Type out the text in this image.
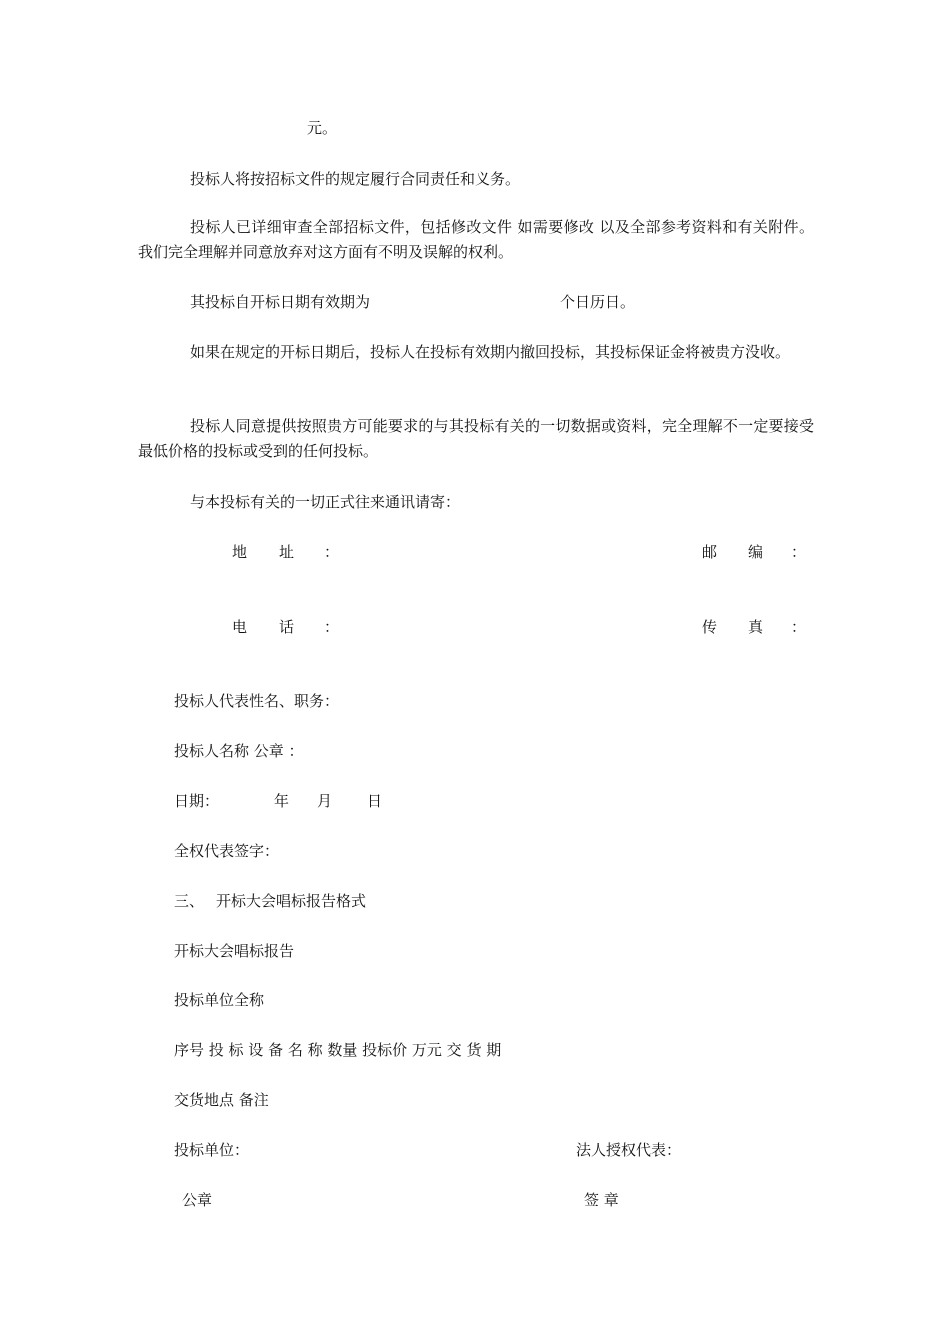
元。
投标人将按招标文件的规定履行合同责任和义务。
投标人已详细审查全部招标文件，包括修改文件 如需要修改 以及全部参考资料和有关附件。我们完全理解并同意放弃对这方面有不明及误解的权利。
其投标自开标日期有效期为	个日历日。
如果在规定的开标日期后，投标人在投标有效期内撤回投标，其投标保证金将被贵方没收。
投标人同意提供按照贵方可能要求的与其投标有关的一切数据或资料，完全理解不一定要接受最低价格的投标或受到的任何投标。
与本投标有关的一切正式往来通讯请寄：
地 址 ：	邮 编 ：
电 话 ：	传 真 ：
投标人代表性名、职务：
投标人名称 公章 ：
日期：	年 月 日
全权代表签字：
三、 开标大会唱标报告格式
开标大会唱标报告
投标单位全称
序号 投 标 设 备 名 称 数量 投标价 万元 交 货 期
交货地点 备注
投标单位：	法人授权代表：
公章	签 章
